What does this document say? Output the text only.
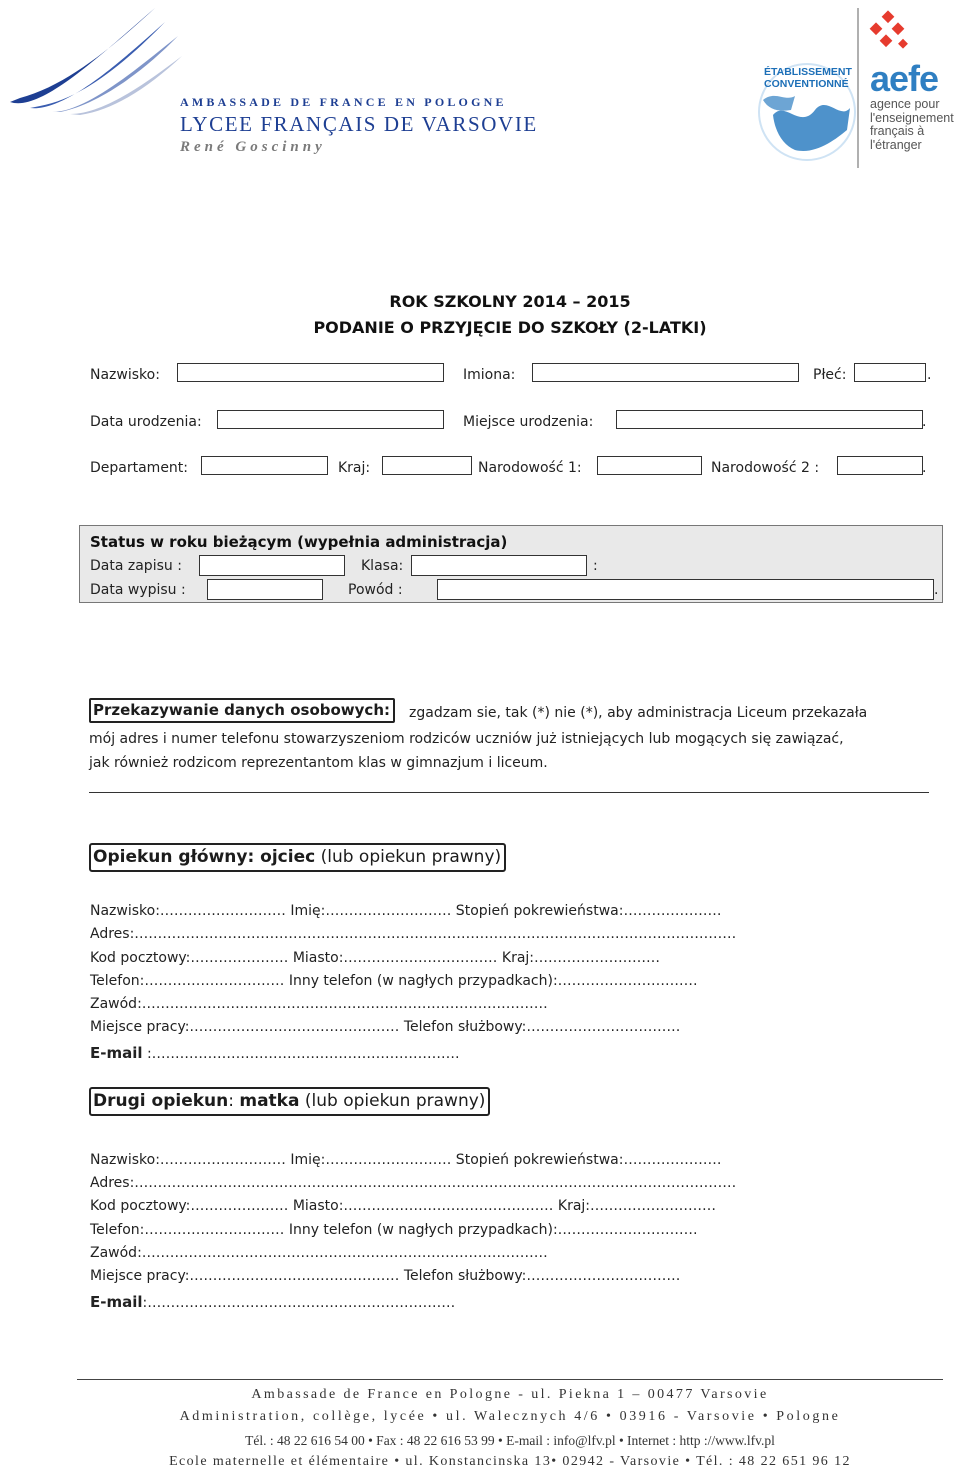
AMBASSADE DE FRANCE EN POLOGNE
LYCEE FRANÇAIS DE VARSOVIE
René Goscinny
ÉTABLISSEMENT CONVENTIONNÉ aefe
agence pour l'enseignement français à l'étranger
ROK SZKOLNY 2014 – 2015
PODANIE O PRZYJĘCIE DO SZKOŁY (2-LATKI)
Nazwisko:	Imiona:	Płeć:	.
Data urodzenia:	Miejsce urodzenia:	.
Departament:	Kraj:	Narodowość 1:	Narodowość 2 :	.
Status w roku bieżącym (wypełnia administracja)
Data zapisu :	Klasa:	:
Data wypisu :	Powód :	.
Przekazywanie danych osobowych:	zgadzam sie, tak (*) nie (*), aby administracja Liceum przekazała
mój adres i numer telefonu stowarzyszeniom rodziców uczniów już istniejących lub mogących się zawiązać,
jak również rodzicom reprezentantom klas w gimnazjum i liceum.
Opiekun główny: ojciec (lub opiekun prawny)
Nazwisko:……………………… Imię:……………………… Stopień pokrewieństwa:…………………
Adres:…………………………………………………………………………………………………………………
Kod pocztowy:………………… Miasto:…………………………… Kraj:………………………
Telefon:………………………… Inny telefon (w nagłych przypadkach):…………………………
Zawód:……………………………………………………………………………
Miejsce pracy:……………………………………… Telefon służbowy:……………………………
E-mail :…………………………………………………………
Drugi opiekun: matka (lub opiekun prawny)
Nazwisko:……………………… Imię:……………………… Stopień pokrewieństwa:…………………
Adres:…………………………………………………………………………………………………………………
Kod pocztowy:………………… Miasto:……………………………………… Kraj:………………………
Telefon:………………………… Inny telefon (w nagłych przypadkach):…………………………
Zawód:……………………………………………………………………………
Miejsce pracy:……………………………………… Telefon służbowy:……………………………
E-mail:…………………………………………………………
Ambassade de France en Pologne - ul. Piekna 1 – 00477 Varsovie
Administration, collège, lycée • ul. Walecznych 4/6 • 03916 - Varsovie • Pologne
Tél. : 48 22 616 54 00 • Fax : 48 22 616 53 99 • E-mail : info@lfv.pl • Internet : http ://www.lfv.pl
Ecole maternelle et élémentaire • ul. Konstancinska 13• 02942 - Varsovie • Tél. : 48 22 651 96 12
